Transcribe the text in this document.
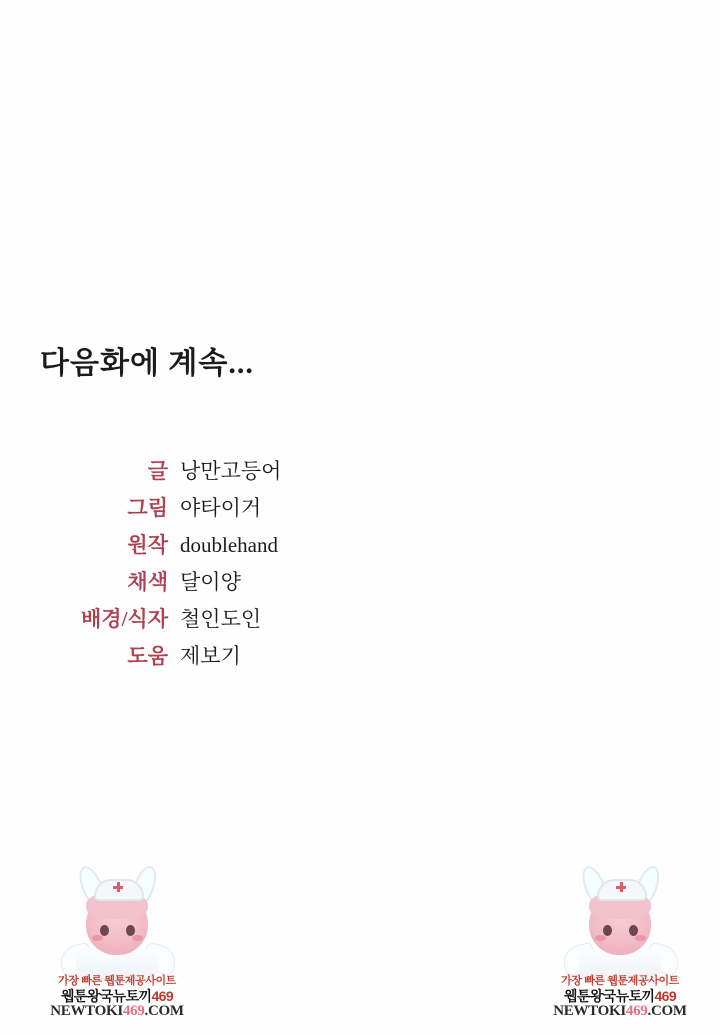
다음화에 계속...
글 낭만고등어
그림 야타이거
원작 doublehand
채색 달이양
배경/식자 철인도인
도움 제보기
가장 빠른 웹툰제공사이트
웹툰왕국뉴토끼469
NEWTOKI469.COM
가장 빠른 웹툰제공사이트
웹툰왕국뉴토끼469
NEWTOKI469.COM
